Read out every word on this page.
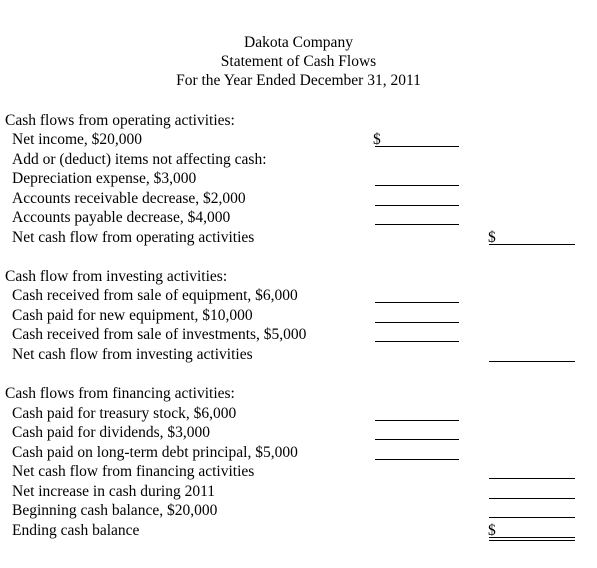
Dakota Company
Statement of Cash Flows
For the Year Ended December 31, 2011
Cash flows from operating activities:
Net income, $20,000	$
Add or (deduct) items not affecting cash:
Depreciation expense, $3,000
Accounts receivable decrease, $2,000
Accounts payable decrease, $4,000
Net cash flow from operating activities	$
Cash flow from investing activities:
Cash received from sale of equipment, $6,000
Cash paid for new equipment, $10,000
Cash received from sale of investments, $5,000
Net cash flow from investing activities
Cash flows from financing activities:
Cash paid for treasury stock, $6,000
Cash paid for dividends, $3,000
Cash paid on long-term debt principal, $5,000
Net cash flow from financing activities
Net increase in cash during 2011
Beginning cash balance, $20,000
Ending cash balance	$
